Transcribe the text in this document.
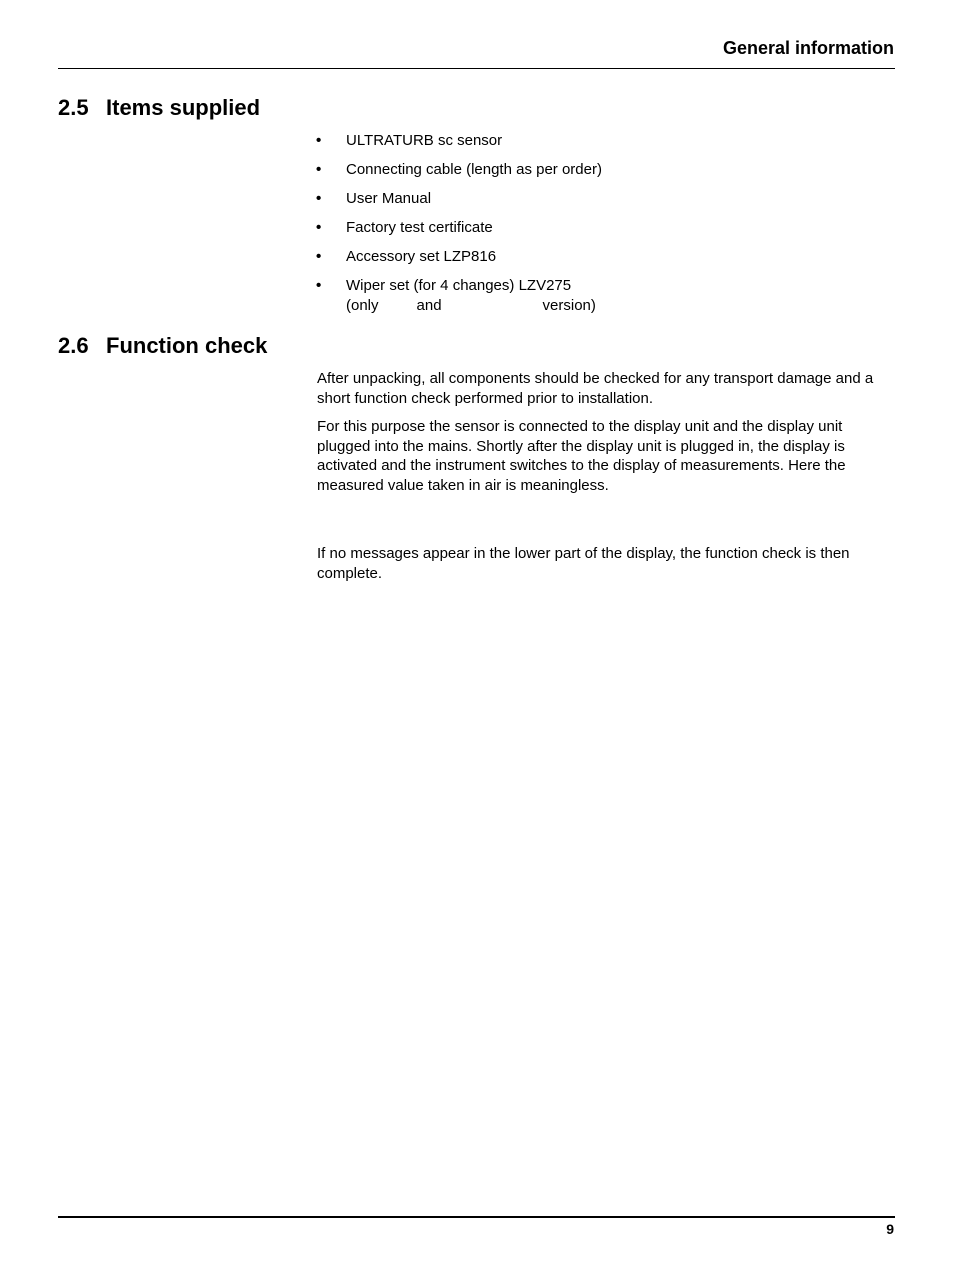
General information
2.5 Items supplied
• ULTRATURB sc sensor
• Connecting cable (length as per order)
• User Manual
• Factory test certificate
• Accessory set LZP816
• Wiper set (for 4 changes) LZV275
(only	and	version)
2.6 Function check

After unpacking, all components should be checked for any transport damage and a short function check performed prior to installation.

For this purpose the sensor is connected to the display unit and the display unit plugged into the mains. Shortly after the display unit is plugged in, the display is activated and the instrument switches to the display of measurements. Here the measured value taken in air is meaningless.

If no messages appear in the lower part of the display, the function check is then complete.

9
